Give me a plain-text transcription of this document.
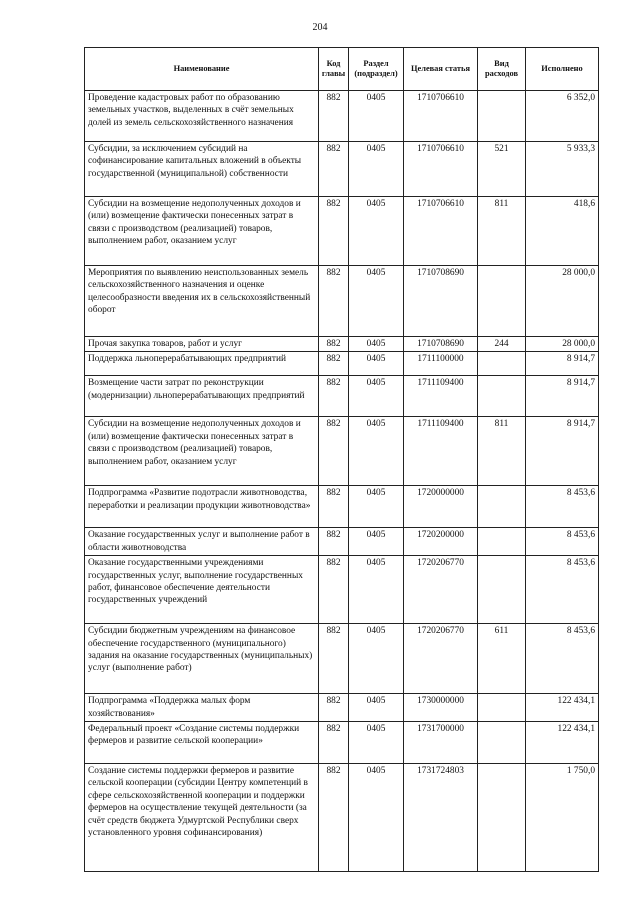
204
Наименование	Код главы	Раздел (подраздел)	Целевая статья	Вид расходов	Исполнено
Проведение кадастровых работ по образованию земельных участков, выделенных в счёт земельных долей из земель сельскохозяйственного назначения	882	0405	1710706610		6 352,0
Субсидии, за исключением субсидий на софинансирование капитальных вложений в объекты государственной (муниципальной) собственности	882	0405	1710706610	521	5 933,3
Субсидии на возмещение недополученных доходов и (или) возмещение фактически понесенных затрат в связи с производством (реализацией) товаров, выполнением работ, оказанием услуг	882	0405	1710706610	811	418,6
Мероприятия по выявлению неиспользованных земель сельскохозяйственного назначения и оценке целесообразности введения их в сельскохозяйственный оборот	882	0405	1710708690		28 000,0
Прочая закупка товаров, работ и услуг	882	0405	1710708690	244	28 000,0
Поддержка льноперерабатывающих предприятий	882	0405	1711100000		8 914,7
Возмещение части затрат по реконструкции (модернизации) льноперерабатывающих предприятий	882	0405	1711109400		8 914,7
Субсидии на возмещение недополученных доходов и (или) возмещение фактически понесенных затрат в связи с производством (реализацией) товаров, выполнением работ, оказанием услуг	882	0405	1711109400	811	8 914,7
Подпрограмма «Развитие подотрасли животноводства, переработки и реализации продукции животноводства»	882	0405	1720000000		8 453,6
Оказание государственных услуг и выполнение работ в области животноводства	882	0405	1720200000		8 453,6
Оказание государственными учреждениями государственных услуг, выполнение государственных работ, финансовое обеспечение деятельности государственных учреждений	882	0405	1720206770		8 453,6
Субсидии бюджетным учреждениям на финансовое обеспечение государственного (муниципального) задания на оказание государственных (муниципальных) услуг (выполнение работ)	882	0405	1720206770	611	8 453,6
Подпрограмма «Поддержка малых форм хозяйствования»	882	0405	1730000000		122 434,1
Федеральный проект «Создание системы поддержки фермеров и развитие сельской кооперации»	882	0405	1731700000		122 434,1
Создание системы поддержки фермеров и развитие сельской кооперации (субсидии Центру компетенций в сфере сельскохозяйственной кооперации и поддержки фермеров на осуществление текущей деятельности (за счёт средств бюджета Удмуртской Республики сверх установленного уровня софинансирования)	882	0405	1731724803		1 750,0
